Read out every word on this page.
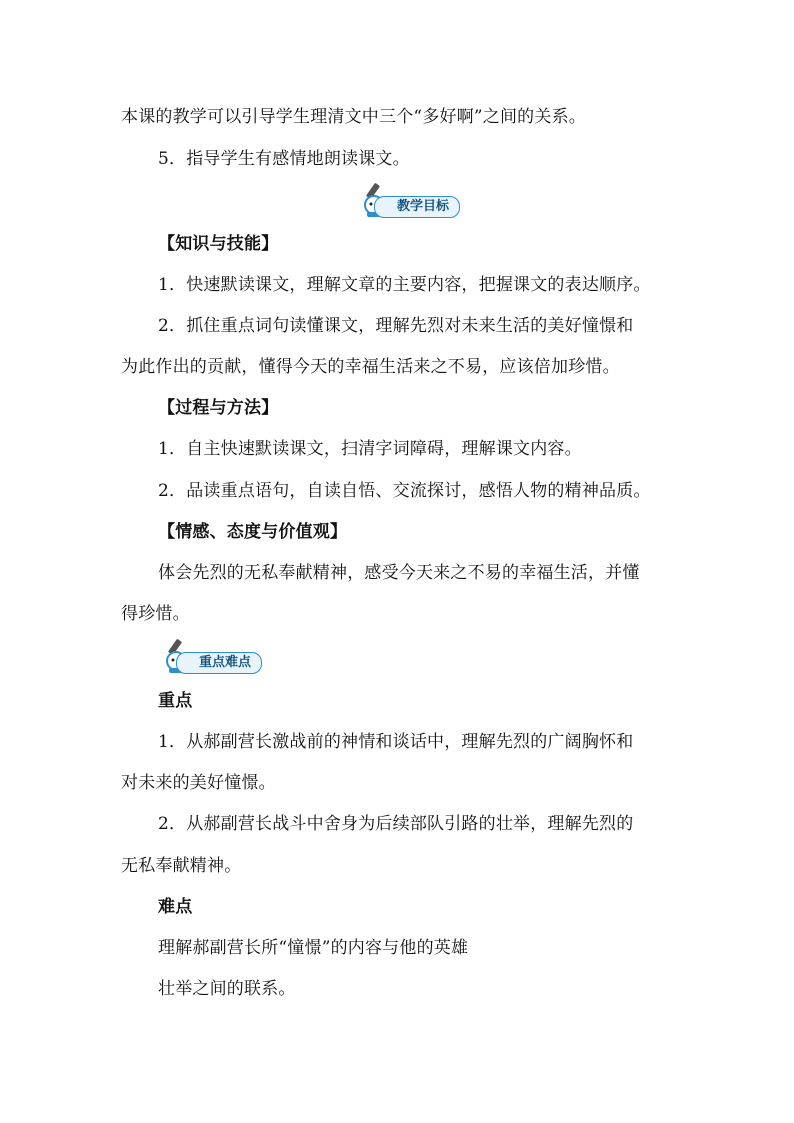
本课的教学可以引导学生理清文中三个“多好啊”之间的关系。
5．指导学生有感情地朗读课文。
教学目标
【知识与技能】
1．快速默读课文，理解文章的主要内容，把握课文的表达顺序。
2．抓住重点词句读懂课文，理解先烈对未来生活的美好憧憬和
为此作出的贡献，懂得今天的幸福生活来之不易，应该倍加珍惜。
【过程与方法】
1．自主快速默读课文，扫清字词障碍，理解课文内容。
2．品读重点语句，自读自悟、交流探讨，感悟人物的精神品质。
【情感、态度与价值观】
体会先烈的无私奉献精神，感受今天来之不易的幸福生活，并懂
得珍惜。
重点难点
重点
1．从郝副营长激战前的神情和谈话中，理解先烈的广阔胸怀和
对未来的美好憧憬。
2．从郝副营长战斗中舍身为后续部队引路的壮举，理解先烈的
无私奉献精神。
难点
理解郝副营长所“憧憬”的内容与他的英雄
壮举之间的联系。
